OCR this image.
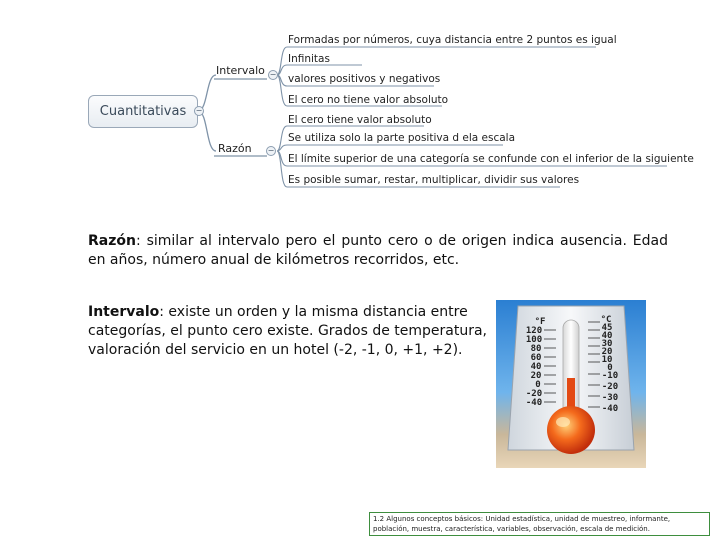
Cuantitativas −
Intervalo −
Razón −
Formadas por números, cuya distancia entre 2 puntos es igual
Infinitas
valores positivos y negativos
El cero no tiene valor absoluto
El cero tiene valor absoluto
Se utiliza solo la parte positiva d ela escala
El límite superior de una categoría se confunde con el inferior de la siguiente
Es posible sumar, restar, multiplicar, dividir sus valores

Razón: similar al intervalo pero el punto cero o de origen indica ausencia. Edad en años, número anual de kilómetros recorridos, etc.

Intervalo: existe un orden y la misma distancia entre categorías, el punto cero existe. Grados de temperatura, valoración del servicio en un hotel (-2, -1, 0, +1, +2).

°F
120
100
80
60
40
20
0
-20
-40
°C
45
40
30
20
10
0
-10
-20
-30
-40
1.2 Algunos conceptos básicos: Unidad estadística, unidad de muestreo, informante, población, muestra, característica, variables, observación, escala de medición.
